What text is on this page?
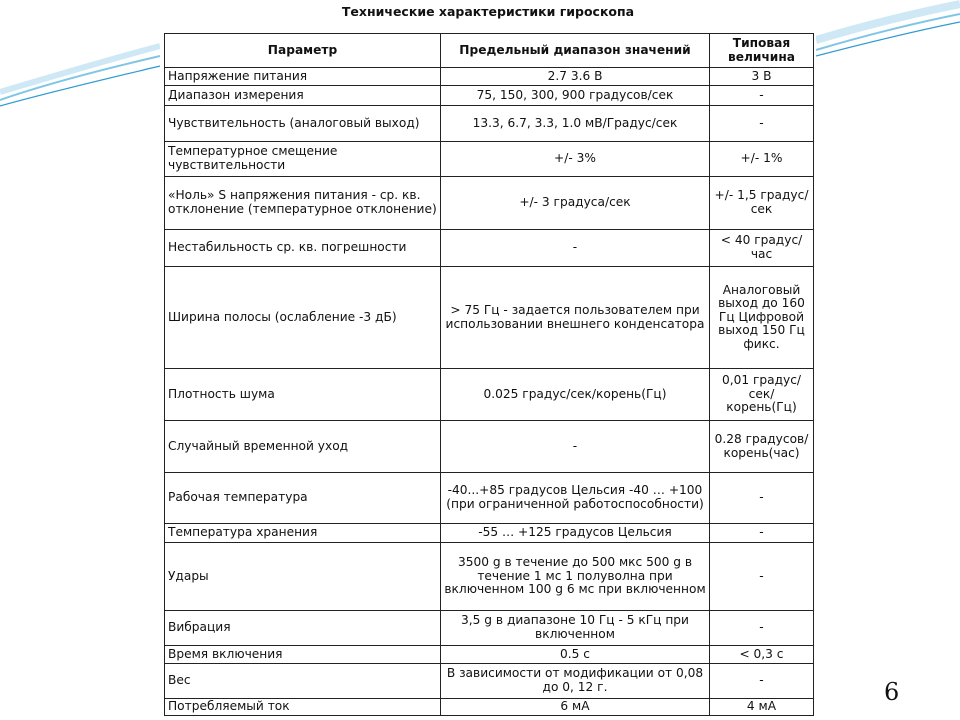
Технические характеристики гироскопа
Параметр	Предельный диапазон значений	Типовая величина
Напряжение питания	2.7 3.6 В	3 В
Диапазон измерения	75, 150, 300, 900 градусов/сек	-
Чувствительность (аналоговый выход)	13.3, 6.7, 3.3, 1.0 мВ/Градус/сек	-
Температурное смещение чувствительности	+/- 3%	+/- 1%
«Ноль» S напряжения питания - ср. кв. отклонение (температурное отклонение)	+/- 3 градуса/сек	+/- 1,5 градус/сек
Нестабильность ср. кв. погрешности	-	< 40 градус/ час
Ширина полосы (ослабление -3 дБ)	> 75 Гц - задается пользователем при использовании внешнего конденсатора	Аналоговый выход до 160 Гц Цифровой выход 150 Гц фикс.
Плотность шума	0.025 градус/сек/корень(Гц)	0,01 градус/ сек/ корень(Гц)
Случайный временной уход	-	0.28 градусов/ корень(час)
Рабочая температура	-40...+85 градусов Цельсия -40 … +100 (при ограниченной работоспособности)	-
Температура хранения	-55 … +125 градусов Цельсия	-
Удары	3500 g в течение до 500 мкс 500 g в течение 1 мс 1 полуволна при включенном 100 g 6 мс при включенном	-
Вибрация	3,5 g в диапазоне 10 Гц - 5 кГц при включенном	-
Время включения	0.5 с	< 0,3 с
Вес	В зависимости от модификации от 0,08 до 0, 12 г.	-
Потребляемый ток	6 мА	4 мА
6
